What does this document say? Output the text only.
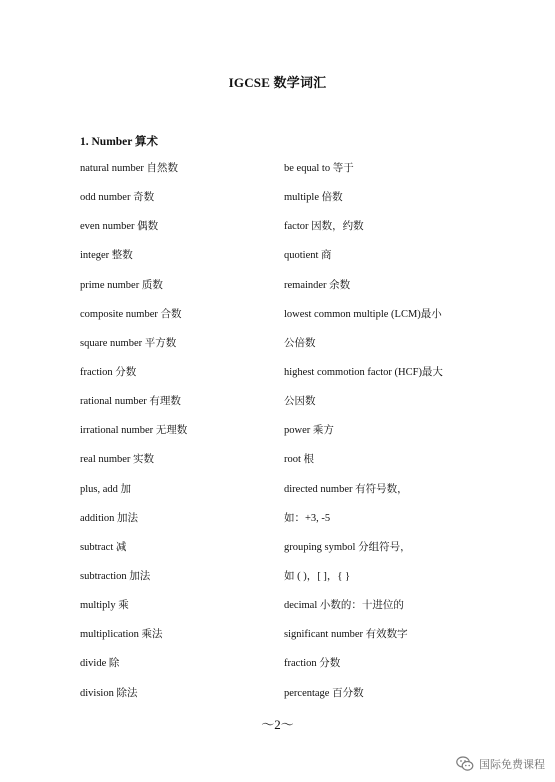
IGCSE 数学词汇
1. Number 算术
natural number 自然数
odd number 奇数
even number 偶数
integer 整数
prime number 质数
composite number 合数
square number 平方数
fraction 分数
rational number 有理数
irrational number 无理数
real number 实数
plus, add 加
addition 加法
subtract 减
subtraction 加法
multiply 乘
multiplication 乘法
divide 除
division 除法
be equal to 等于
multiple 倍数
factor 因数，约数
quotient 商
remainder 余数
lowest common multiple (LCM)最小
公倍数
highest commotion factor (HCF)最大
公因数
power 乘方
root 根
directed number 有符号数，
如：+3, -5
grouping symbol 分组符号，
如 ( )，[ ]，{ }
decimal 小数的：十进位的
significant number 有效数字
fraction 分数
percentage 百分数
～2～
国际免费课程
